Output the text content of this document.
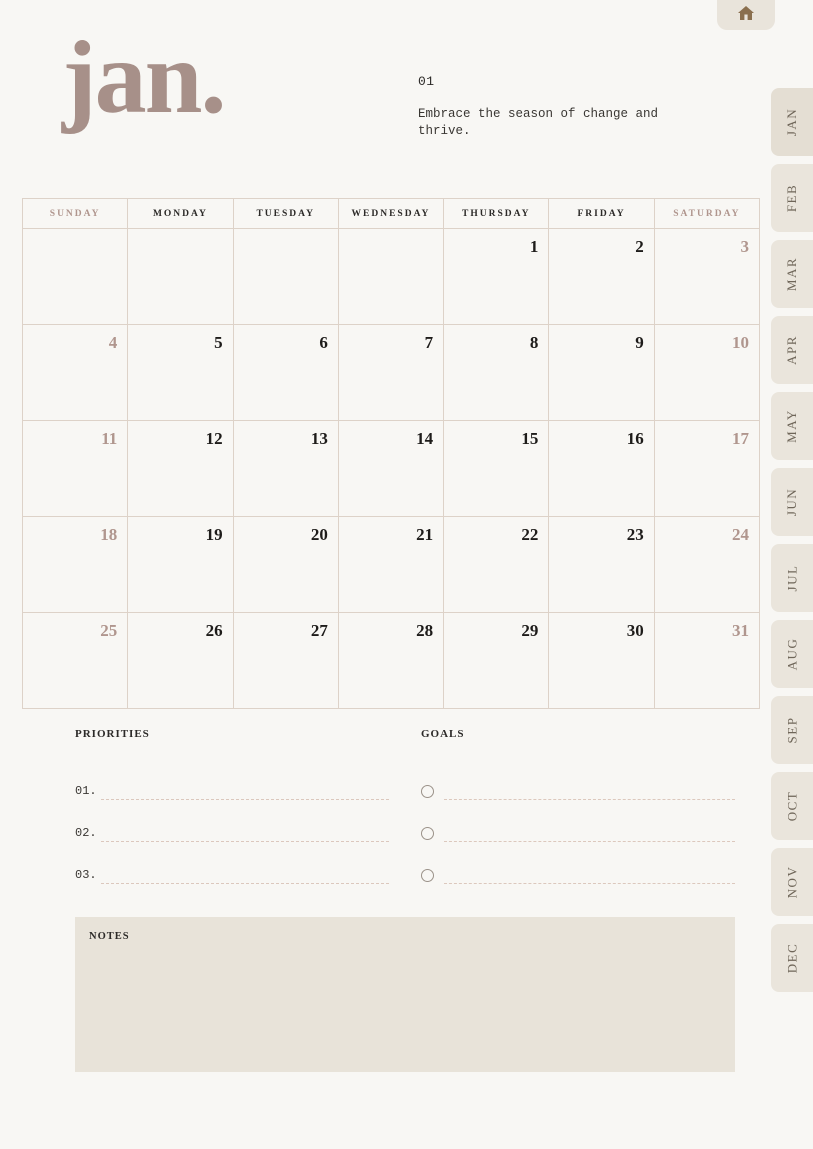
jan.	01
Embrace the season of change and thrive.
SUNDAY	MONDAY	TUESDAY	WEDNESDAY	THURSDAY	FRIDAY	SATURDAY
				1	2	3
4	5	6	7	8	9	10
11	12	13	14	15	16	17
18	19	20	21	22	23	24
25	26	27	28	29	30	31
PRIORITIES
01.
02.
03.
GOALS
NOTES
JAN
FEB
MAR
APR
MAY
JUN
JUL
AUG
SEP
OCT
NOV
DEC
